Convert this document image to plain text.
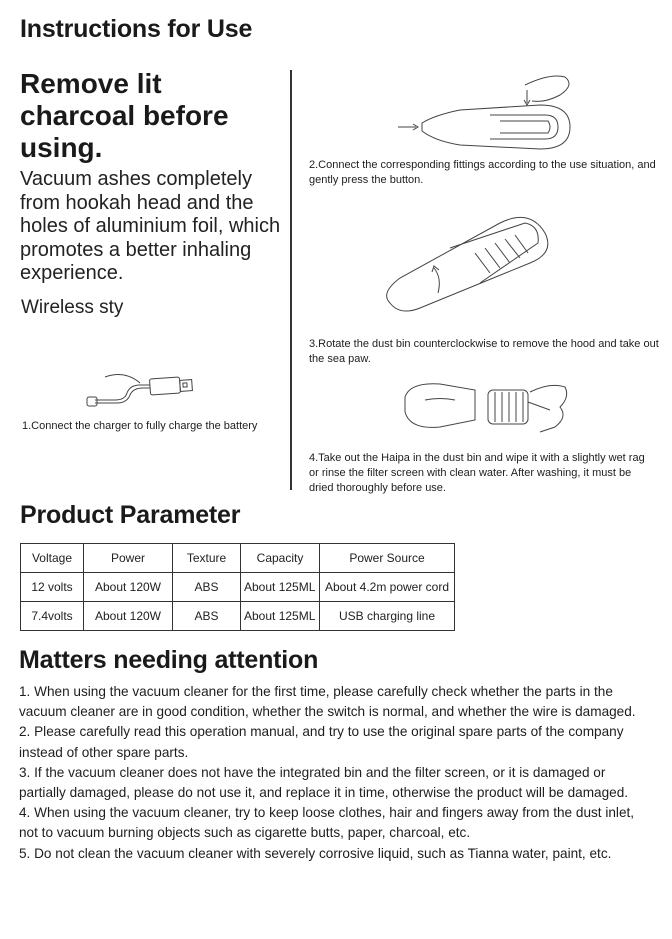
Instructions for Use
Remove lit charcoal before using.
Vacuum ashes completely from hookah head and the holes of aluminium foil, which promotes a better inhaling experience.
Wireless sty
1.Connect the charger to fully charge the battery
2.Connect the corresponding fittings according to the use situation, and gently press the button.
3.Rotate the dust bin counterclockwise to remove the hood and take out the sea paw.
4.Take out the Haipa in the dust bin and wipe it with a slightly wet rag or rinse the filter screen with clean water. After washing, it must be dried thoroughly before use.
Product Parameter
Voltage	Power	Texture	Capacity	Power Source
12 volts	About 120W	ABS	About 125ML	About 4.2m power cord
7.4volts	About 120W	ABS	About 125ML	USB charging line
Matters needing attention

1. When using the vacuum cleaner for the first time, please carefully check whether the parts in the vacuum cleaner are in good condition, whether the switch is normal, and whether the wire is damaged.

2. Please carefully read this operation manual, and try to use the original spare parts of the company instead of other spare parts.

3. If the vacuum cleaner does not have the integrated bin and the filter screen, or it is damaged or partially damaged, please do not use it, and replace it in time, otherwise the product will be damaged.

4. When using the vacuum cleaner, try to keep loose clothes, hair and fingers away from the dust inlet, not to vacuum burning objects such as cigarette butts, paper, charcoal, etc.

5. Do not clean the vacuum cleaner with severely corrosive liquid, such as Tianna water, paint, etc.
